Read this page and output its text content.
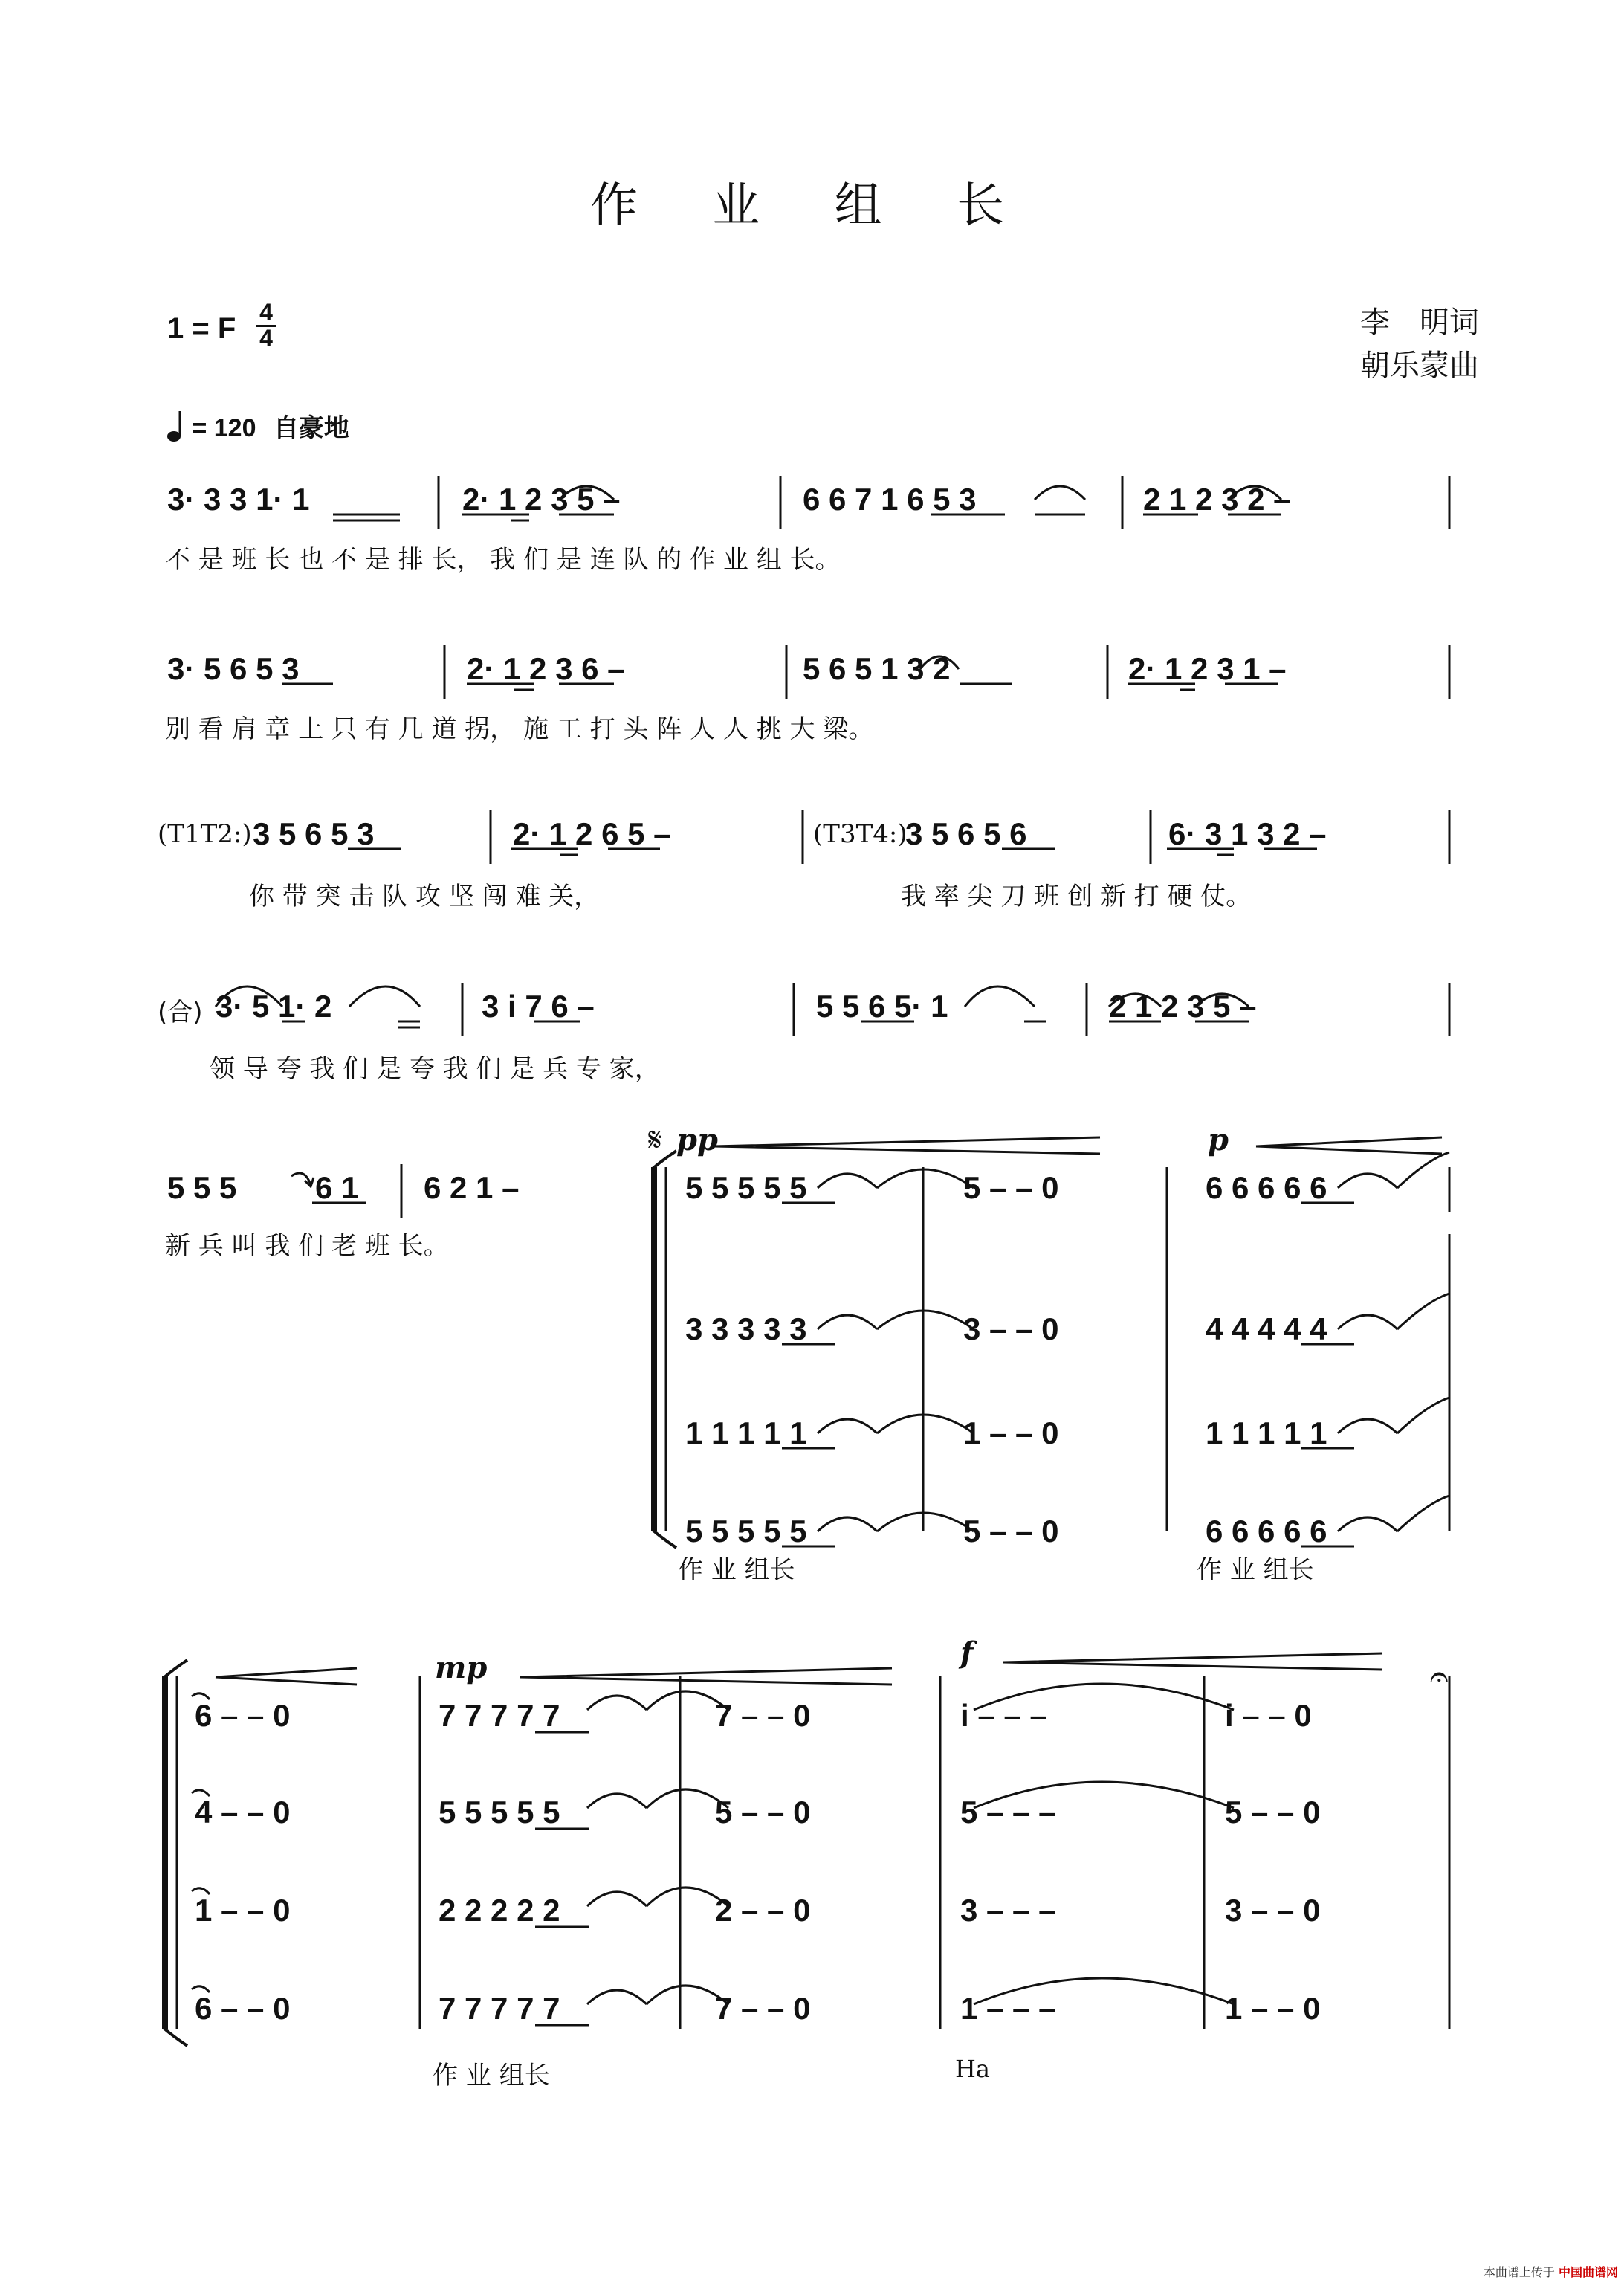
作 业 组 长
1 = F 4
4	李　明词
朝乐蒙曲
= 120 自豪地
3· 3 3 1· 1	2· 1 2 3 5 –	6 6 7 1 6 5 3	2 1 2 3 2 –
不 是 班 长 也 不 是 排 长， 我 们 是 连 队 的 作 业 组 长。
3· 5 6 5 3	2· 1 2 3 6 –	5 6 5 1 3 2	2· 1 2 3 1 –
别 看 肩 章 上 只 有 几 道 拐， 施 工 打 头 阵 人 人 挑 大 梁。
(T1T2:) 3 5 6 5 3	2· 1 2 6 5 –	(T3T4:)
3 5 6 5 6	6· 3 1 3 2 –
你 带 突 击 队 攻 坚 闯 难 关，	我 率 尖 刀 班 创 新 打 硬 仗。
(合) 3· 5 1· 2	3 i 7 6 –	5 5 6 5· 1	2 1 2 3 5 –
领 导 夸 我 们 是 夸 我 们 是 兵 专 家，
5 5 5	6 1 6 2 1 –
新 兵 叫 我 们 老 班 长。
𝄋 pp	p
5 5 5 5 5	5 – – 0	6 6 6 6 6
3 3 3 3 3	3 – – 0	4 4 4 4 4
1 1 1 1 1	1 – – 0	1 1 1 1 1
5 5 5 5 5	5 – – 0	6 6 6 6 6
作 业 组长	作 业 组长
mp	f
𝄐
6 – – 0	7 7 7 7 7	7 – – 0	i – – –	i – – 0
4 – – 0	5 5 5 5 5	5 – – 0	5 – – –	5 – – 0
1 – – 0	2 2 2 2 2	2 – – 0	3 – – –	3 – – 0
6 – – 0	7 7 7 7 7	7 – – 0	1 – – –	1 – – 0
作 业 组长	Ha
本曲谱上传于 中国曲谱网
